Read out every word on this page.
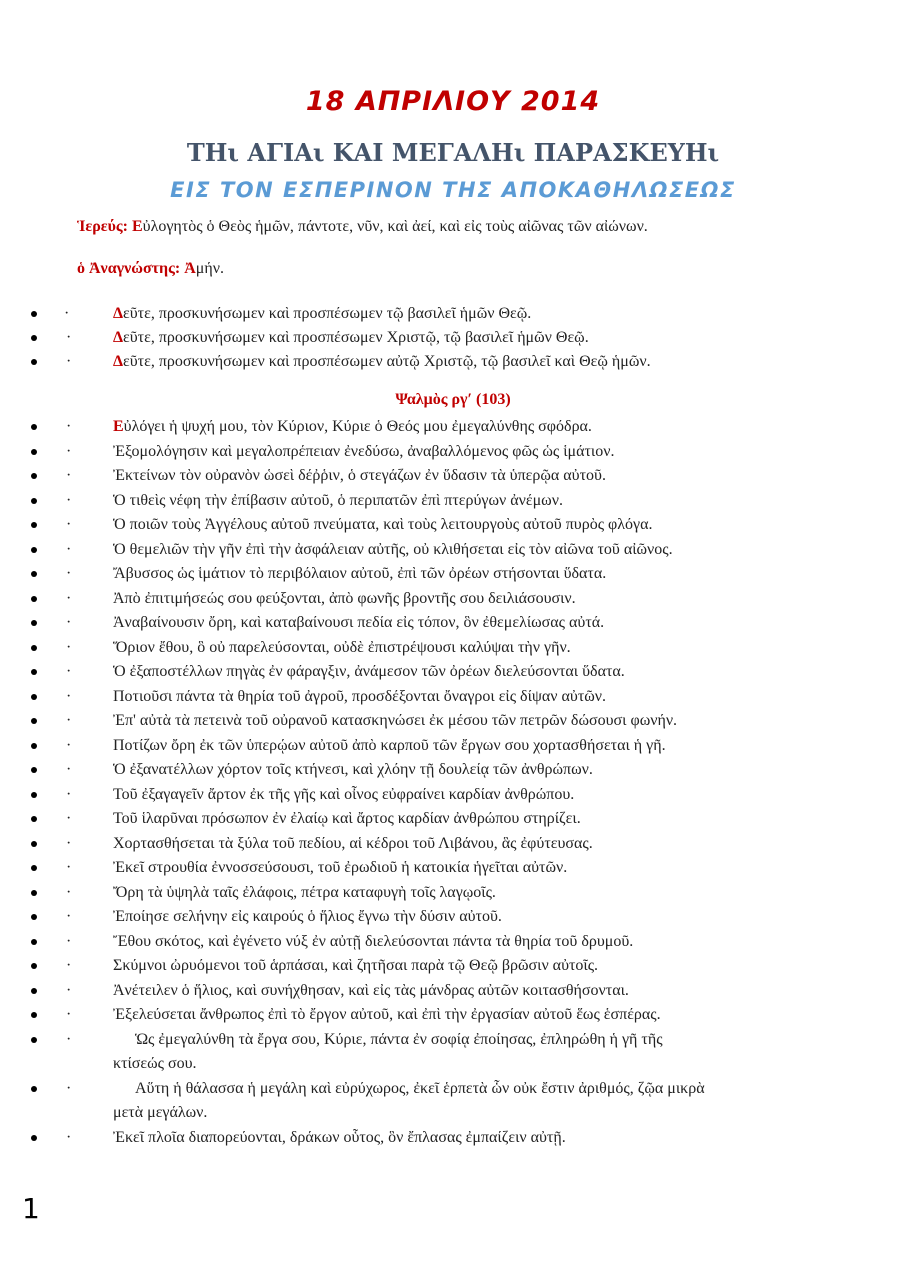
18 ΑΠΡΙΛΙΟΥ 2014
ΤΗι ΑΓΙΑι ΚΑΙ ΜΕΓΑΛΗι ΠΑΡΑΣΚΕΥΗι
ΕΙΣ ΤΟΝ ΕΣΠΕΡΙΝΟΝ ΤΗΣ ΑΠΟΚΑΘΗΛΩΣΕΩΣ
Ἱερεύς: Εὐλογητὸς ὁ Θεὸς ἡμῶν, πάντοτε, νῦν, καὶ ἀεί, καὶ εἰς τοὺς αἰῶνας τῶν αἰώνων.
ὁ Ἀναγνώστης: Ἀμήν.
·	Δεῦτε, προσκυνήσωμεν καὶ προσπέσωμεν τῷ βασιλεῖ ἡμῶν Θεῷ.
·	Δεῦτε, προσκυνήσωμεν καὶ προσπέσωμεν Χριστῷ, τῷ βασιλεῖ ἡμῶν Θεῷ.
·	Δεῦτε, προσκυνήσωμεν καὶ προσπέσωμεν αὐτῷ Χριστῷ, τῷ βασιλεῖ καὶ Θεῷ ἡμῶν.
Ψαλμὸς ργ′ (103)
·	Εὐλόγει ἡ ψυχή μου, τὸν Κύριον, Κύριε ὁ Θεός μου ἐμεγαλύνθης σφόδρα.
·	Ἐξομολόγησιν καὶ μεγαλοπρέπειαν ἐνεδύσω, ἀναβαλλόμενος φῶς ὡς ἱμάτιον.
·	Ἐκτείνων τὸν οὐρανὸν ὡσεὶ δέῤῥιν, ὁ στεγάζων ἐν ὕδασιν τὰ ὑπερῷα αὐτοῦ.
·	Ὁ τιθεὶς νέφη τὴν ἐπίβασιν αὐτοῦ, ὁ περιπατῶν ἐπὶ πτερύγων ἀνέμων.
·	Ὁ ποιῶν τοὺς Ἀγγέλους αὐτοῦ πνεύματα, καὶ τοὺς λειτουργοὺς αὐτοῦ πυρὸς φλόγα.
·	Ὁ θεμελιῶν τὴν γῆν ἐπὶ τὴν ἀσφάλειαν αὐτῆς, οὐ κλιθήσεται εἰς τὸν αἰῶνα τοῦ αἰῶνος.
·	Ἄβυσσος ὡς ἱμάτιον τὸ περιβόλαιον αὐτοῦ, ἐπὶ τῶν ὀρέων στήσονται ὕδατα.
·	Ἀπὸ ἐπιτιμήσεώς σου φεύξονται, ἀπὸ φωνῆς βροντῆς σου δειλιάσουσιν.
·	Ἀναβαίνουσιν ὄρη, καὶ καταβαίνουσι πεδία εἰς τόπον, ὃν ἐθεμελίωσας αὐτά.
·	Ὅριον ἔθου, ὃ οὐ παρελεύσονται, οὐδὲ ἐπιστρέψουσι καλύψαι τὴν γῆν.
·	Ὁ ἐξαποστέλλων πηγὰς ἐν φάραγξιν, ἀνάμεσον τῶν ὀρέων διελεύσονται ὕδατα.
·	Ποτιοῦσι πάντα τὰ θηρία τοῦ ἀγροῦ, προσδέξονται ὄναγροι εἰς δίψαν αὐτῶν.
·	Ἐπ' αὐτὰ τὰ πετεινὰ τοῦ οὐρανοῦ κατασκηνώσει ἐκ μέσου τῶν πετρῶν δώσουσι φωνήν.
·	Ποτίζων ὄρη ἐκ τῶν ὑπερῴων αὐτοῦ ἀπὸ καρποῦ τῶν ἔργων σου χορτασθήσεται ἡ γῆ.
·	Ὁ ἐξανατέλλων χόρτον τοῖς κτήνεσι, καὶ χλόην τῇ δουλείᾳ τῶν ἀνθρώπων.
·	Τοῦ ἐξαγαγεῖν ἄρτον ἐκ τῆς γῆς καὶ οἶνος εὐφραίνει καρδίαν ἀνθρώπου.
·	Τοῦ ἱλαρῦναι πρόσωπον ἐν ἐλαίῳ καὶ ἄρτος καρδίαν ἀνθρώπου στηρίζει.
·	Χορτασθήσεται τὰ ξύλα τοῦ πεδίου, αἱ κέδροι τοῦ Λιβάνου, ἃς ἐφύτευσας.
·	Ἐκεῖ στρουθία ἐννοσσεύσουσι, τοῦ ἐρωδιοῦ ἡ κατοικία ἡγεῖται αὐτῶν.
·	Ὄρη τὰ ὑψηλὰ ταῖς ἐλάφοις, πέτρα καταφυγὴ τοῖς λαγῳοῖς.
·	Ἐποίησε σελήνην εἰς καιρούς ὁ ἥλιος ἔγνω τὴν δύσιν αὐτοῦ.
·	Ἔθου σκότος, καὶ ἐγένετο νύξ ἐν αὐτῇ διελεύσονται πάντα τὰ θηρία τοῦ δρυμοῦ.
·	Σκύμνοι ὠρυόμενοι τοῦ ἁρπάσαι, καὶ ζητῆσαι παρὰ τῷ Θεῷ βρῶσιν αὐτοῖς.
·	Ἀνέτειλεν ὁ ἥλιος, καὶ συνήχθησαν, καὶ εἰς τὰς μάνδρας αὐτῶν κοιτασθήσονται.
·	Ἐξελεύσεται ἄνθρωπος ἐπὶ τὸ ἔργον αὐτοῦ, καὶ ἐπὶ τὴν ἐργασίαν αὐτοῦ ἕως ἑσπέρας.
·	Ὡς ἐμεγαλύνθη τὰ ἔργα σου, Κύριε, πάντα ἐν σοφίᾳ ἐποίησας, ἐπληρώθη ἡ γῆ τῆς
κτίσεώς σου.
·	Αὕτη ἡ θάλασσα ἡ μεγάλη καὶ εὐρύχωρος, ἐκεῖ ἑρπετὰ ὧν οὐκ ἔστιν ἀριθμός, ζῷα μικρὰ
μετὰ μεγάλων.
·	Ἐκεῖ πλοῖα διαπορεύονται, δράκων οὗτος, ὃν ἔπλασας ἐμπαίζειν αὐτῇ.
1
